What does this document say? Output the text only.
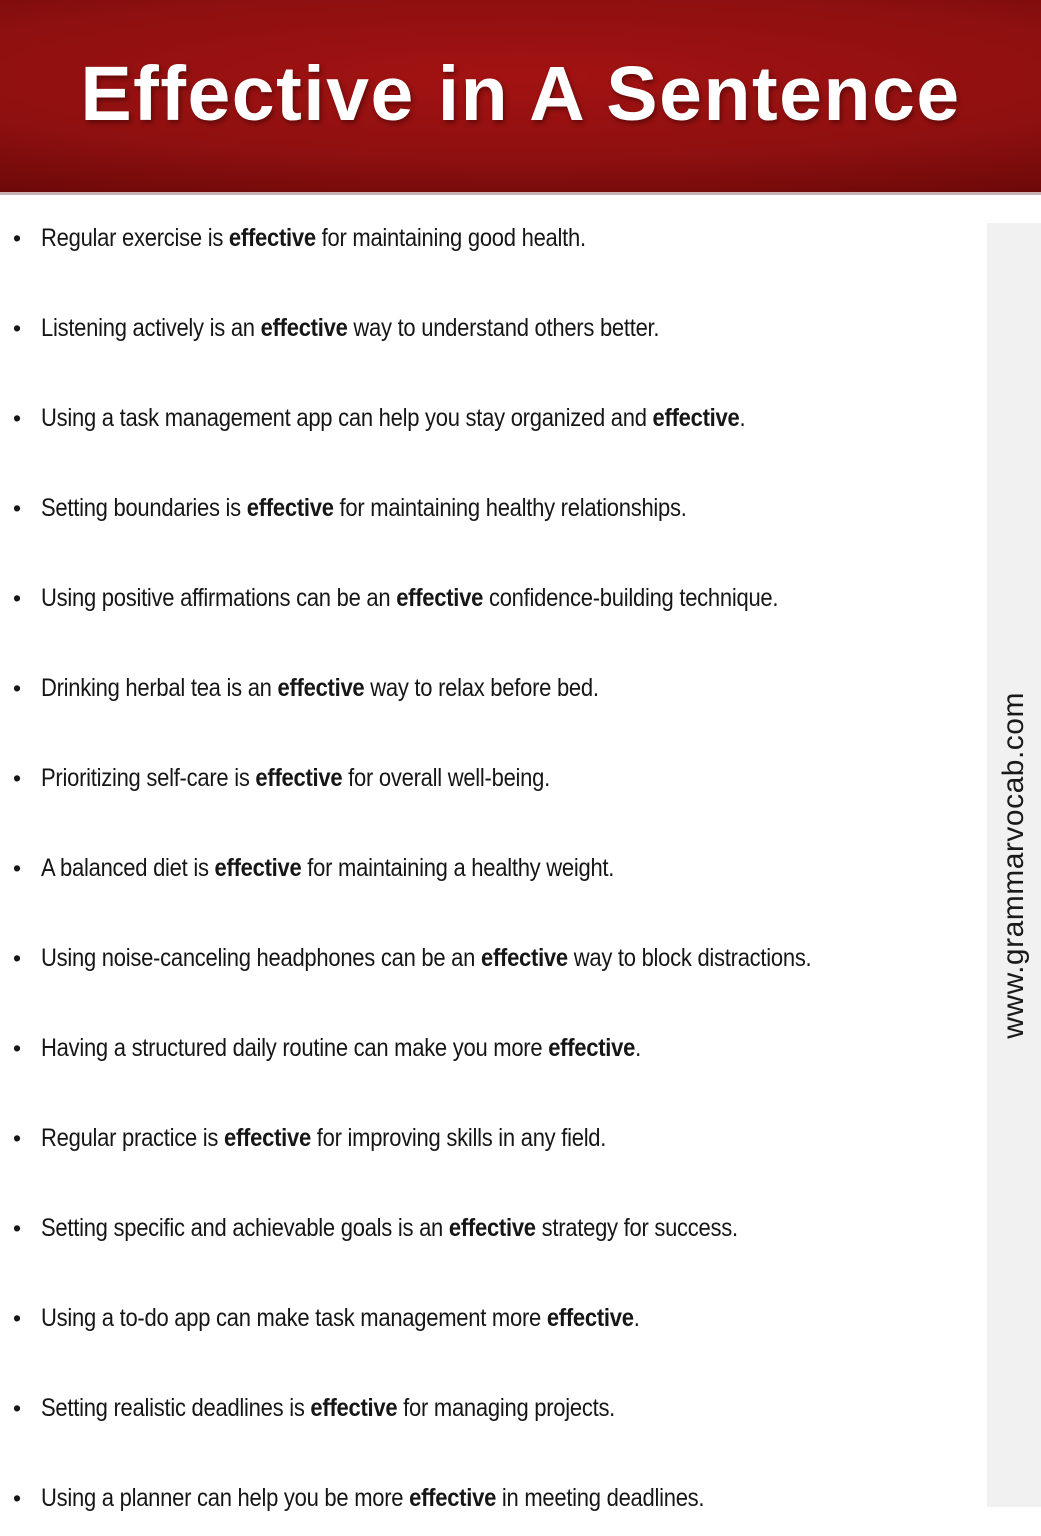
Effective in A Sentence
• Regular exercise is effective for maintaining good health.
• Listening actively is an effective way to understand others better.
• Using a task management app can help you stay organized and effective.
• Setting boundaries is effective for maintaining healthy relationships.
• Using positive affirmations can be an effective confidence-building technique.
• Drinking herbal tea is an effective way to relax before bed.
• Prioritizing self-care is effective for overall well-being.
• A balanced diet is effective for maintaining a healthy weight.
• Using noise-canceling headphones can be an effective way to block distractions.
• Having a structured daily routine can make you more effective.
• Regular practice is effective for improving skills in any field.
• Setting specific and achievable goals is an effective strategy for success.
• Using a to-do app can make task management more effective.
• Setting realistic deadlines is effective for managing projects.
• Using a planner can help you be more effective in meeting deadlines.
www.grammarvocab.com
